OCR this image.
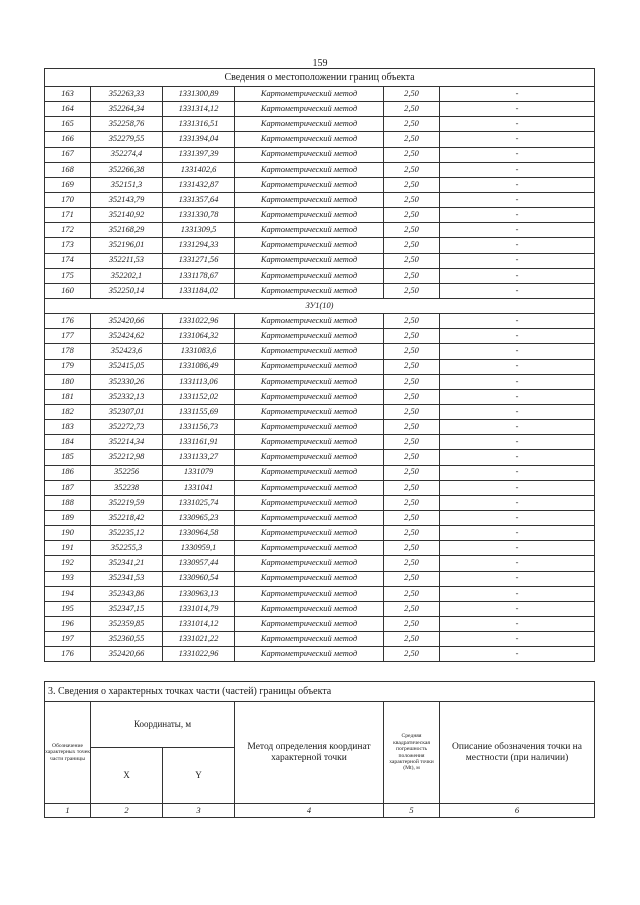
159
Сведения о местоположении границ объекта					
163	352263,33	1331300,89	Картометрический метод	2,50	-
164	352264,34	1331314,12	Картометрический метод	2,50	-
165	352258,76	1331316,51	Картометрический метод	2,50	-
166	352279,55	1331394,04	Картометрический метод	2,50	-
167	352274,4	1331397,39	Картометрический метод	2,50	-
168	352266,38	1331402,6	Картометрический метод	2,50	-
169	352151,3	1331432,87	Картометрический метод	2,50	-
170	352143,79	1331357,64	Картометрический метод	2,50	-
171	352140,92	1331330,78	Картометрический метод	2,50	-
172	352168,29	1331309,5	Картометрический метод	2,50	-
173	352196,01	1331294,33	Картометрический метод	2,50	-
174	352211,53	1331271,56	Картометрический метод	2,50	-
175	352202,1	1331178,67	Картометрический метод	2,50	-
160	352250,14	1331184,02	Картометрический метод	2,50	-
ЗУ1(10)					
176	352420,66	1331022,96	Картометрический метод	2,50	-
177	352424,62	1331064,32	Картометрический метод	2,50	-
178	352423,6	1331083,6	Картометрический метод	2,50	-
179	352415,05	1331086,49	Картометрический метод	2,50	-
180	352330,26	1331113,06	Картометрический метод	2,50	-
181	352332,13	1331152,02	Картометрический метод	2,50	-
182	352307,01	1331155,69	Картометрический метод	2,50	-
183	352272,73	1331156,73	Картометрический метод	2,50	-
184	352214,34	1331161,91	Картометрический метод	2,50	-
185	352212,98	1331133,27	Картометрический метод	2,50	-
186	352256	1331079	Картометрический метод	2,50	-
187	352238	1331041	Картометрический метод	2,50	-
188	352219,59	1331025,74	Картометрический метод	2,50	-
189	352218,42	1330965,23	Картометрический метод	2,50	-
190	352235,12	1330964,58	Картометрический метод	2,50	-
191	352255,3	1330959,1	Картометрический метод	2,50	-
192	352341,21	1330957,44	Картометрический метод	2,50	-
193	352341,53	1330960,54	Картометрический метод	2,50	-
194	352343,86	1330963,13	Картометрический метод	2,50	-
195	352347,15	1331014,79	Картометрический метод	2,50	-
196	352359,85	1331014,12	Картометрический метод	2,50	-
197	352360,55	1331021,22	Картометрический метод	2,50	-
176	352420,66	1331022,96	Картометрический метод	2,50	-
3. Сведения о характерных точках части (частей) границы объекта					
Обозначение характерных точек части границы	Координаты, м		Метод определения координат характерной точки	Средняя квадратическая погрешность положения характерной точки (Мt), м	Описание обозначения точки на местности (при наличии)
	X	Y			
1	2	3	4	5	6
